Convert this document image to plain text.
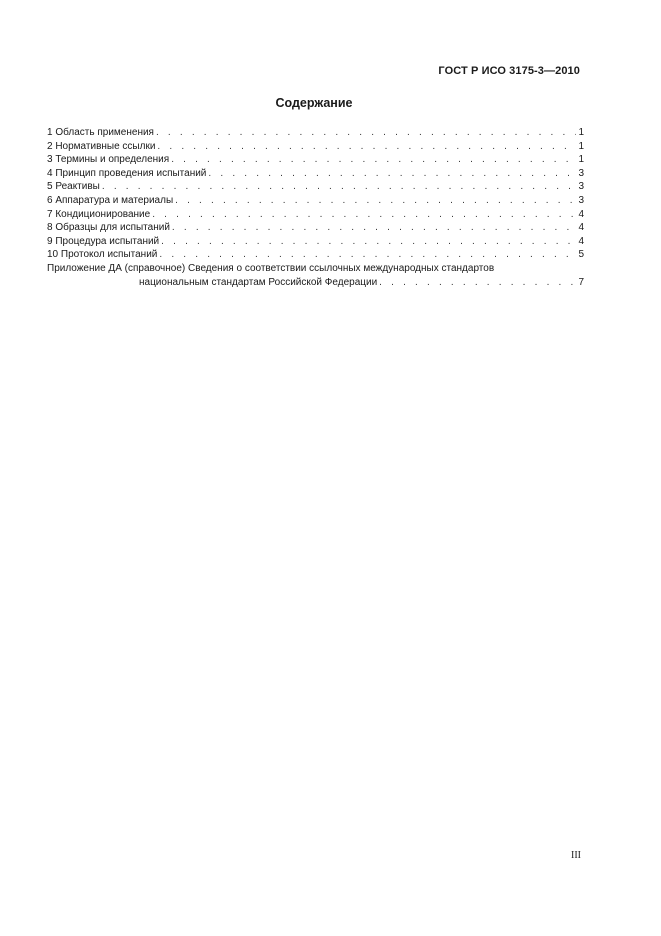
ГОСТ Р ИСО 3175-3—2010
Содержание
1 Область применения . . .	1
2 Нормативные ссылки . . .	1
3 Термины и определения . . .	1
4 Принцип проведения испытаний . . .	3
5 Реактивы . . .	3
6 Аппаратура и материалы . . .	3
7 Кондиционирование . . .	4
8 Образцы для испытаний . . .	4
9 Процедура испытаний . . .	4
10 Протокол испытаний . . .	5
Приложение ДА (справочное) Сведения о соответствии ссылочных международных стандартов
национальным стандартам Российской Федерации . . .	7
III
